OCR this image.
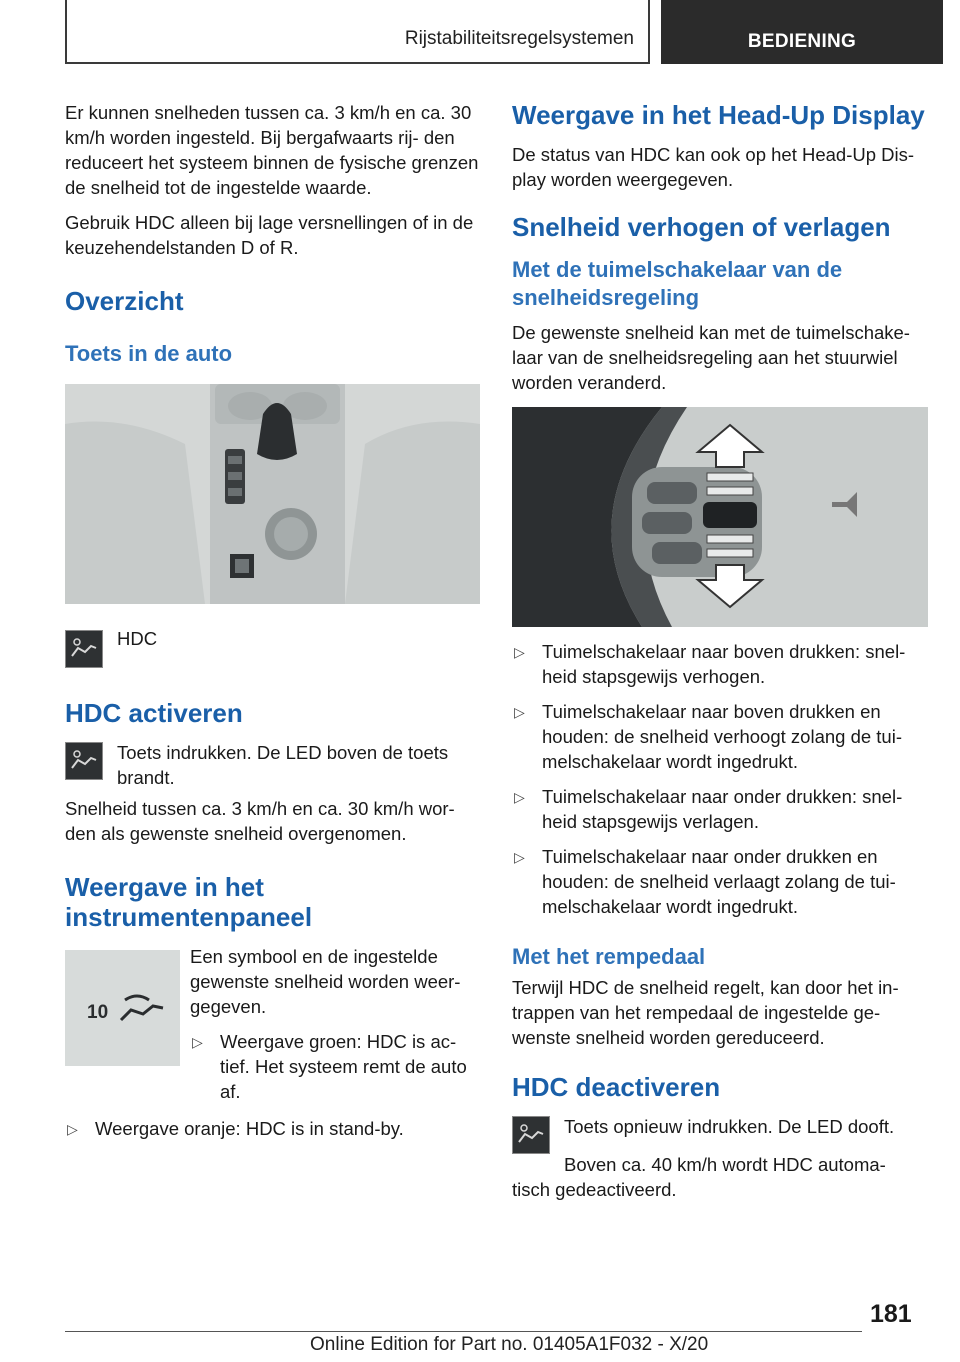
Rijstabiliteitsregelsystemen	BEDIENING

Er kunnen snelheden tussen ca. 3 km/h en ca. 30 km/h worden ingesteld. Bij bergafwaarts rij‐ den reduceert het systeem binnen de fysische grenzen de snelheid tot de ingestelde waarde.

Gebruik HDC alleen bij lage versnellingen of in de keuzehendelstanden D of R.

Overzicht
Toets in de auto
HDC
HDC activeren

Toets indrukken. De LED boven de toets brandt.

Snelheid tussen ca. 3 km/h en ca. 30 km/h wor‐ den als gewenste snelheid overgenomen.

Weergave in het instrumentenpaneel
10

Een symbool en de ingestelde gewenste snelheid worden weer‐ gegeven.

▷ Weergave groen: HDC is ac‐ tief. Het systeem remt de auto af.
▷ Weergave oranje: HDC is in stand-by.
Weergave in het Head-Up Display

De status van HDC kan ook op het Head-Up Dis‐ play worden weergegeven.

Snelheid verhogen of verlagen
Met de tuimelschakelaar van de snelheidsregeling

De gewenste snelheid kan met de tuimelschake‐ laar van de snelheidsregeling aan het stuurwiel worden veranderd.

▷ Tuimelschakelaar naar boven drukken: snel‐ heid stapsgewijs verhogen.
▷ Tuimelschakelaar naar boven drukken en houden: de snelheid verhoogt zolang de tui‐ melschakelaar wordt ingedrukt.
▷ Tuimelschakelaar naar onder drukken: snel‐ heid stapsgewijs verlagen.
▷ Tuimelschakelaar naar onder drukken en houden: de snelheid verlaagt zolang de tui‐ melschakelaar wordt ingedrukt.
Met het rempedaal

Terwijl HDC de snelheid regelt, kan door het in‐ trappen van het rempedaal de ingestelde ge‐ wenste snelheid worden gereduceerd.

HDC deactiveren

Toets opnieuw indrukken. De LED dooft.

Boven ca. 40 km/h wordt HDC automa‐ tisch gedeactiveerd.

181
Online Edition for Part no. 01405A1F032 - X/20
